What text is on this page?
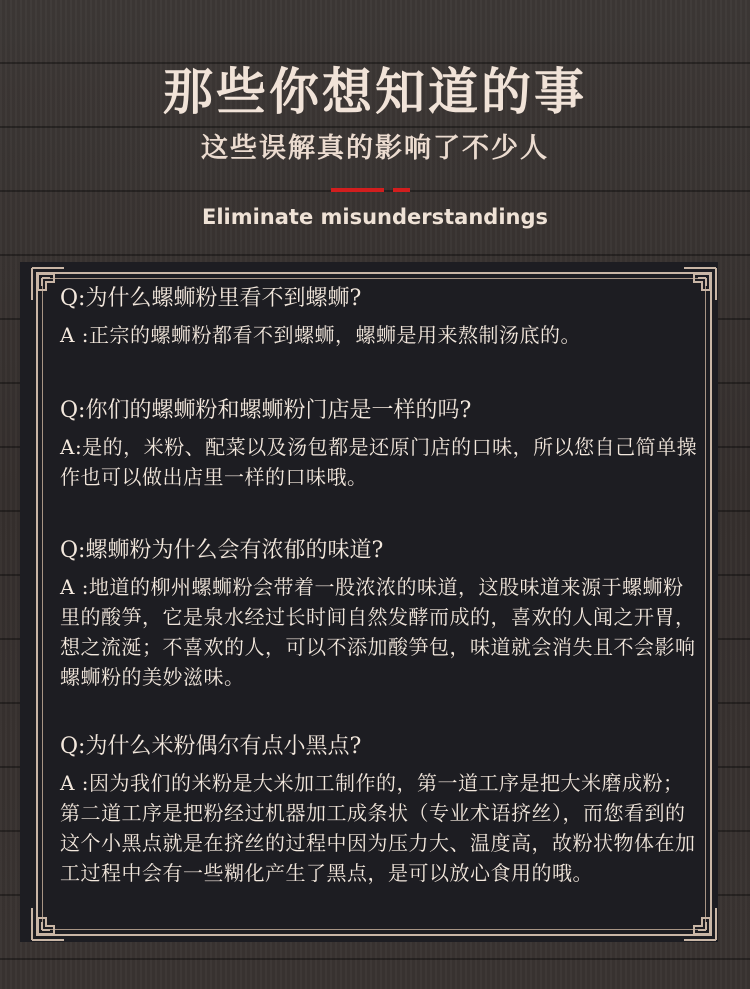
那些你想知道的事
这些误解真的影响了不少人
Eliminate misunderstandings
Q:为什么螺蛳粉里看不到螺蛳?
A :正宗的螺蛳粉都看不到螺蛳，螺蛳是用来熬制汤底的。
Q:你们的螺蛳粉和螺蛳粉门店是一样的吗?
A:是的，米粉、配菜以及汤包都是还原门店的口味，所以您自己简单操作也可以做出店里一样的口味哦。
Q:螺蛳粉为什么会有浓郁的味道?
A :地道的柳州螺蛳粉会带着一股浓浓的味道，这股味道来源于螺蛳粉里的酸笋，它是泉水经过长时间自然发酵而成的，喜欢的人闻之开胃，想之流涎；不喜欢的人，可以不添加酸笋包，味道就会消失且不会影响螺蛳粉的美妙滋味。
Q:为什么米粉偶尔有点小黑点?
A :因为我们的米粉是大米加工制作的，第一道工序是把大米磨成粉；第二道工序是把粉经过机器加工成条状（专业术语挤丝），而您看到的这个小黑点就是在挤丝的过程中因为压力大、温度高，故粉状物体在加工过程中会有一些糊化产生了黑点，是可以放心食用的哦。
